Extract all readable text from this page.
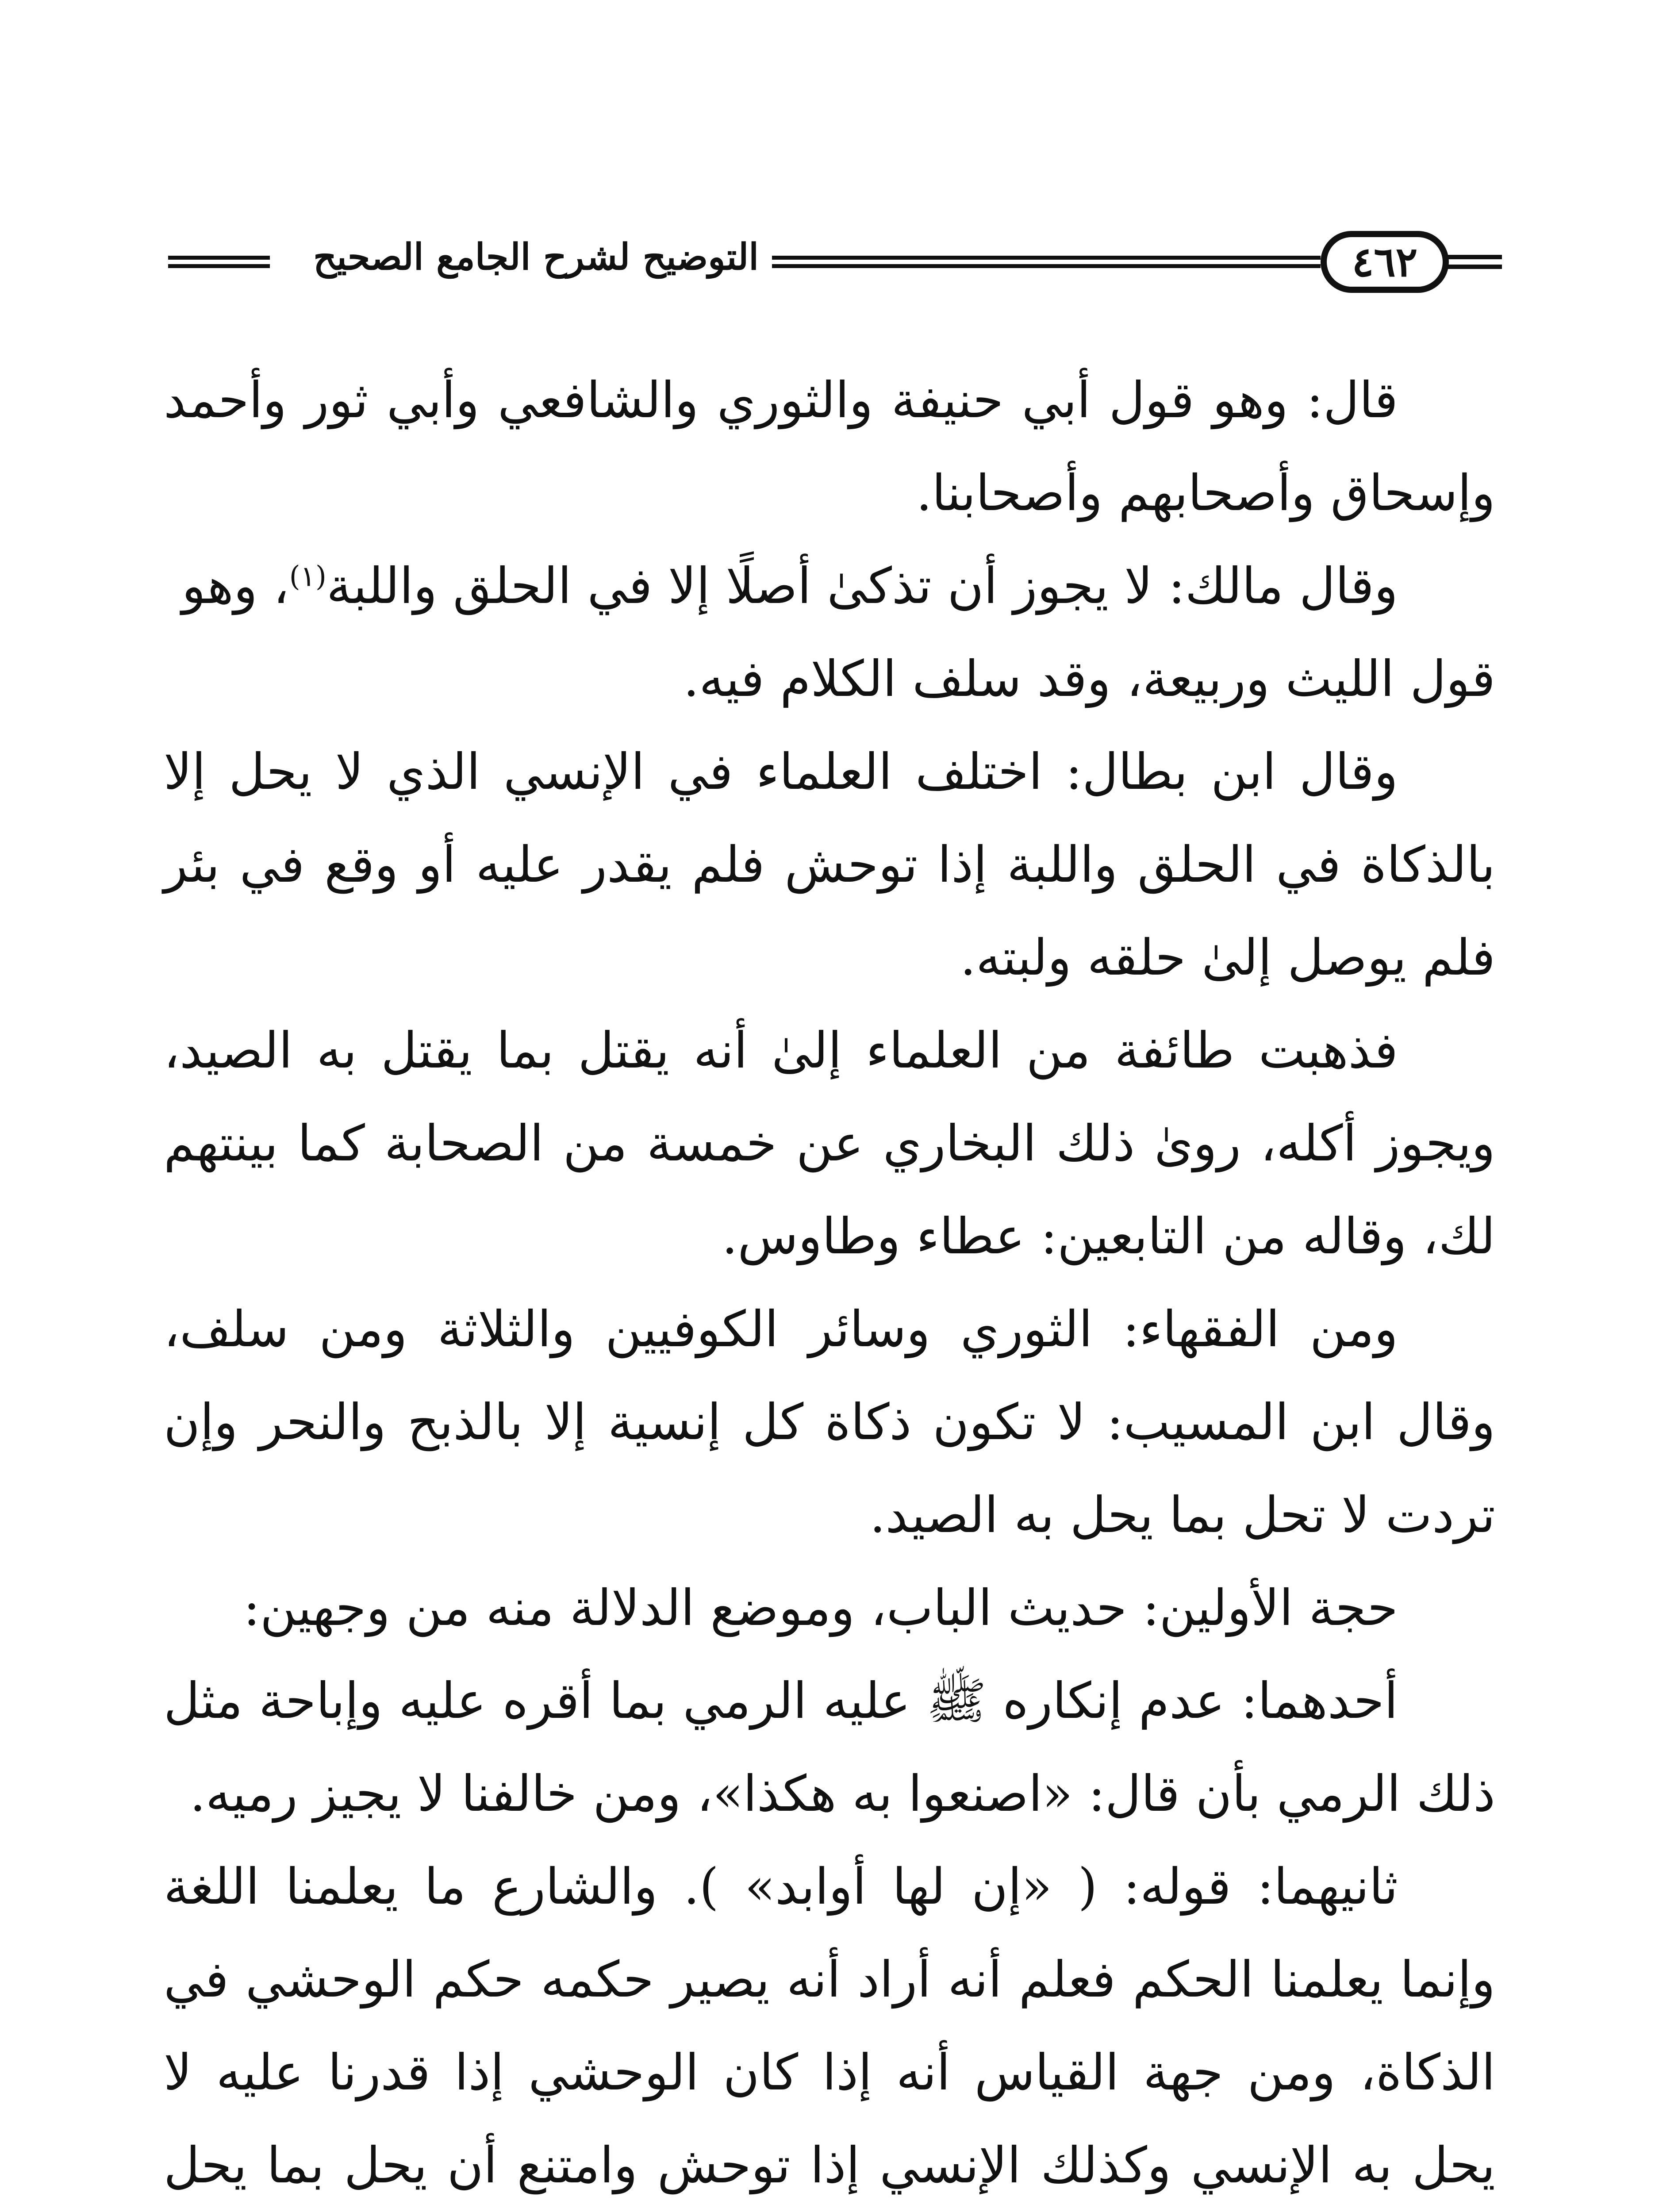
٤٦٢
التوضيح لشرح الجامع الصحيح

قال: وهو قول أبي حنيفة والثوري والشافعي وأبي ثور وأحمد وإسحاق وأصحابهم وأصحابنا.

وقال مالك: لا يجوز أن تذكىٰ أصلًا إلا في الحلق واللبة$^{(١)}$، وهو

قول الليث وربيعة، وقد سلف الكلام فيه.

وقال ابن بطال: اختلف العلماء في الإنسي الذي لا يحل إلا بالذكاة في الحلق واللبة إذا توحش فلم يقدر عليه أو وقع في بئر فلم يوصل إلىٰ حلقه ولبته.

فذهبت طائفة من العلماء إلىٰ أنه يقتل بما يقتل به الصيد، ويجوز أكله، روىٰ ذلك البخاري عن خمسة من الصحابة كما بينتهم لك، وقاله من التابعين: عطاء وطاوس.

ومن الفقهاء: الثوري وسائر الكوفيين والثلاثة ومن سلف، وقال ابن المسيب: لا تكون ذكاة كل إنسية إلا بالذبح والنحر وإن تردت لا تحل بما يحل به الصيد.

حجة الأولين: حديث الباب، وموضع الدلالة منه من وجهين:

أحدهما: عدم إنكاره ﷺ عليه الرمي بما أقره عليه وإباحة مثل ذلك الرمي بأن قال: «اصنعوا به هكذا»، ومن خالفنا لا يجيز رميه.

ثانيهما: قوله: ( «إن لها أوابد» ). والشارع ما يعلمنا اللغة وإنما يعلمنا الحكم فعلم أنه أراد أنه يصير حكمه حكم الوحشي في الذكاة، ومن جهة القياس أنه إذا كان الوحشي إذا قدرنا عليه لا يحل به الإنسي وكذلك الإنسي إذا توحش وامتنع أن يحل بما يحل
